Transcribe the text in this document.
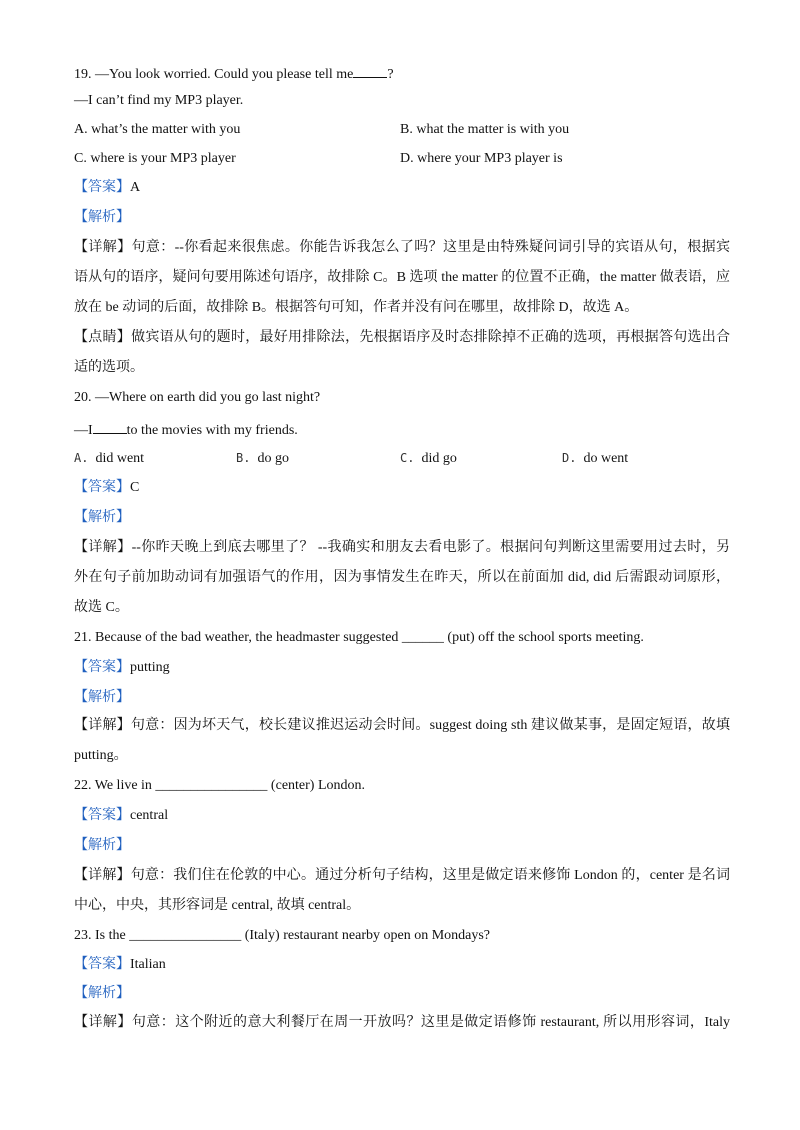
19. —You look worried. Could you please tell me ?
—I can’t find my MP3 player.
A. what’s the matter with you	B. what the matter is with you
C. where is your MP3 player	D. where your MP3 player is
【答案】A
【解析】
【详解】句意：--你看起来很焦虑。你能告诉我怎么了吗？这里是由特殊疑问词引导的宾语从句，根据宾
语从句的语序，疑问句要用陈述句语序，故排除 C。B 选项 the matter 的位置不正确，the matter 做表语，应
放在 be 动词的后面，故排除 B。根据答句可知，作者并没有问在哪里，故排除 D，故选 A。
【点睛】做宾语从句的题时，最好用排除法，先根据语序及时态排除掉不正确的选项，再根据答句选出合
适的选项。
20. —Where on earth did you go last night?
—I to the movies with my friends.
A. did went	B. do go	C. did go	D. do went
【答案】C
【解析】
【详解】--你昨天晚上到底去哪里了？ --我确实和朋友去看电影了。根据问句判断这里需要用过去时，另
外在句子前加助动词有加强语气的作用，因为事情发生在昨天，所以在前面加 did, did 后需跟动词原形，
故选 C。
21. Because of the bad weather, the headmaster suggested ______ (put) off the school sports meeting.
【答案】putting
【解析】
【详解】句意：因为坏天气，校长建议推迟运动会时间。suggest doing sth 建议做某事，是固定短语，故填
putting。
22. We live in ________________ (center) London.
【答案】central
【解析】
【详解】句意：我们住在伦敦的中心。通过分析句子结构，这里是做定语来修饰 London 的，center 是名词
中心，中央，其形容词是 central, 故填 central。
23. Is the ________________ (Italy) restaurant nearby open on Mondays?
【答案】Italian
【解析】
【详解】句意：这个附近的意大利餐厅在周一开放吗？这里是做定语修饰 restaurant, 所以用形容词，Italy
